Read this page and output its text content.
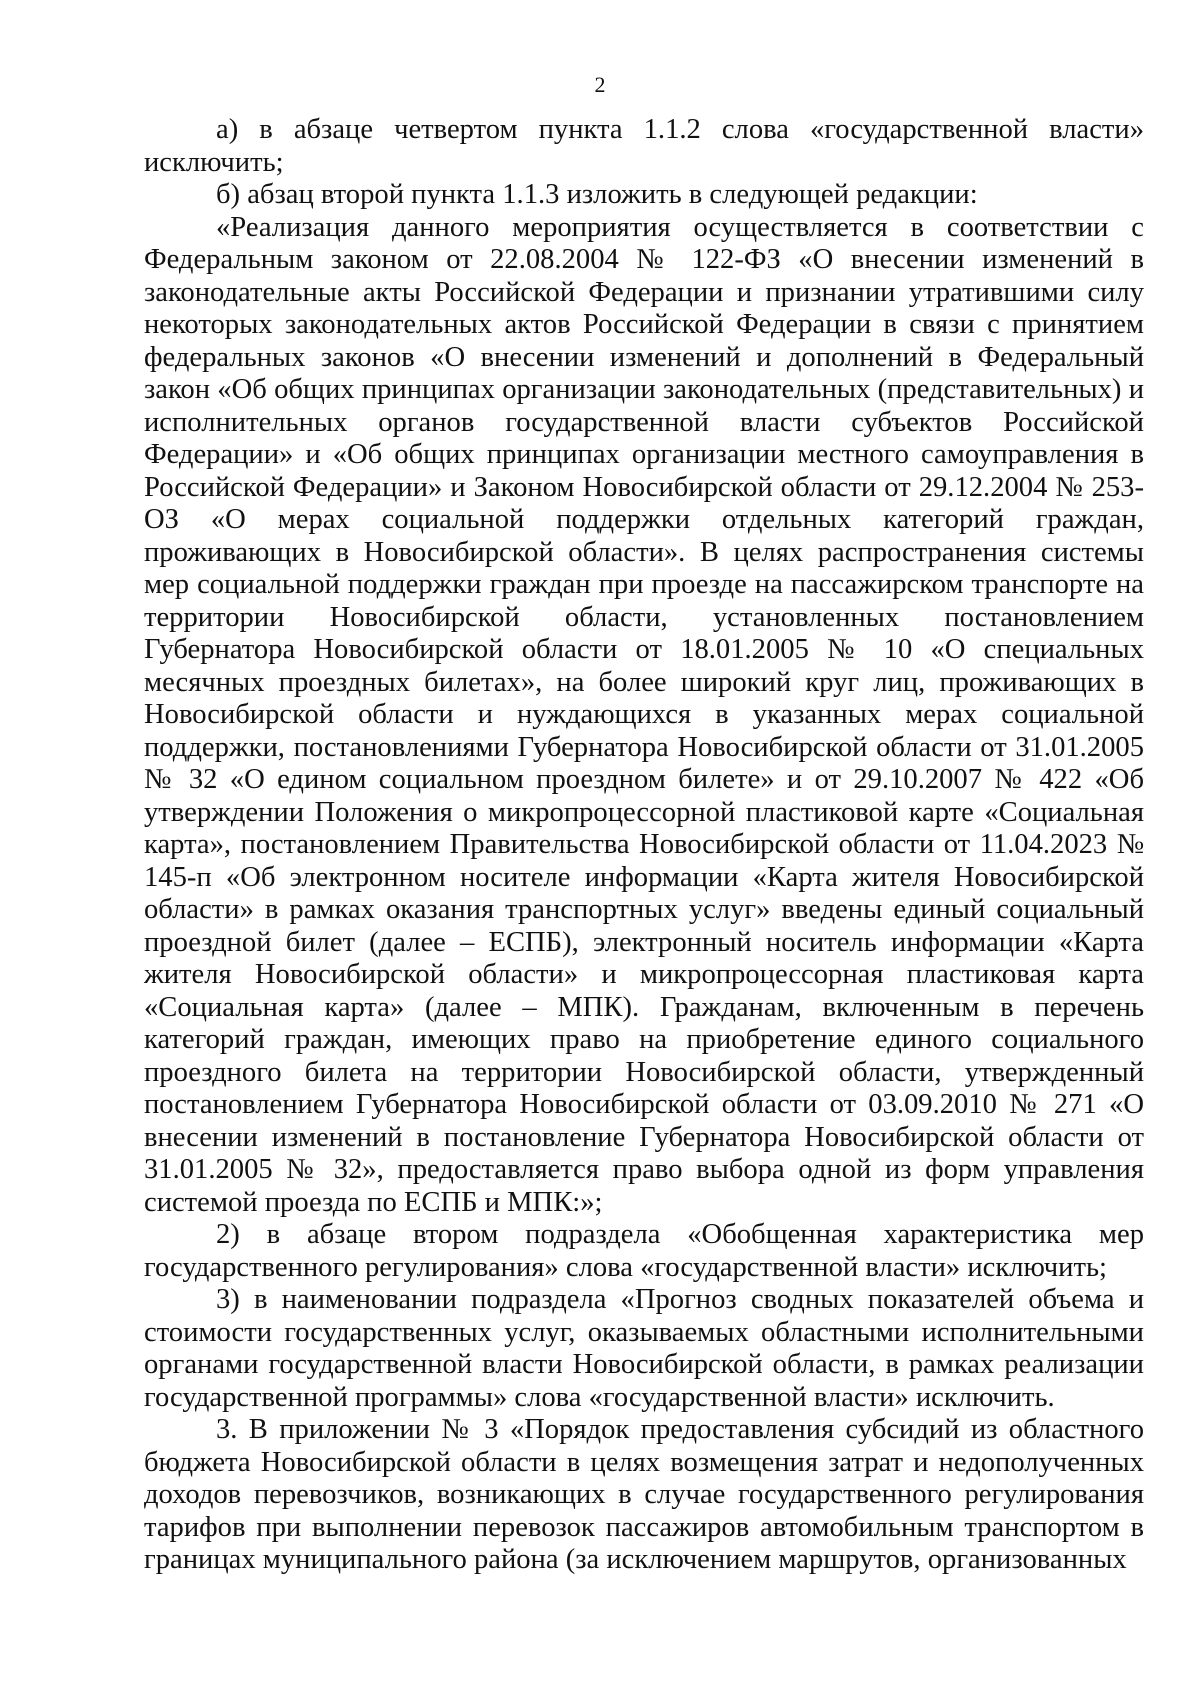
2

а) в абзаце четвертом пункта 1.1.2 слова «государственной власти» исключить;

б) абзац второй пункта 1.1.3 изложить в следующей редакции:

«Реализация данного мероприятия осуществляется в соответствии с Федеральным законом от 22.08.2004 № 122-ФЗ «О внесении изменений в законодательные акты Российской Федерации и признании утратившими силу некоторых законодательных актов Российской Федерации в связи с принятием федеральных законов «О внесении изменений и дополнений в Федеральный закон «Об общих принципах организации законодательных (представительных) и исполнительных органов государственной власти субъектов Российской Федерации» и «Об общих принципах организации местного самоуправления в Российской Федерации» и Законом Новосибирской области от 29.12.2004 № 253-ОЗ «О мерах социальной поддержки отдельных категорий граждан, проживающих в Новосибирской области». В целях распространения системы мер социальной поддержки граждан при проезде на пассажирском транспорте на территории Новосибирской области, установленных постановлением Губернатора Новосибирской области от 18.01.2005 № 10 «О специальных месячных проездных билетах», на более широкий круг лиц, проживающих в Новосибирской области и нуждающихся в указанных мерах социальной поддержки, постановлениями Губернатора Новосибирской области от 31.01.2005 № 32 «О едином социальном проездном билете» и от 29.10.2007 № 422 «Об утверждении Положения о микропроцессорной пластиковой карте «Социальная карта», постановлением Правительства Новосибирской области от 11.04.2023 № 145-п «Об электронном носителе информации «Карта жителя Новосибирской области» в рамках оказания транспортных услуг» введены единый социальный проездной билет (далее – ЕСПБ), электронный носитель информации «Карта жителя Новосибирской области» и микропроцессорная пластиковая карта «Социальная карта» (далее – МПК). Гражданам, включенным в перечень категорий граждан, имеющих право на приобретение единого социального проездного билета на территории Новосибирской области, утвержденный постановлением Губернатора Новосибирской области от 03.09.2010 № 271 «О внесении изменений в постановление Губернатора Новосибирской области от 31.01.2005 № 32», предоставляется право выбора одной из форм управления системой проезда по ЕСПБ и МПК:»;

2) в абзаце втором подраздела «Обобщенная характеристика мер государственного регулирования» слова «государственной власти» исключить;

3) в наименовании подраздела «Прогноз сводных показателей объема и стоимости государственных услуг, оказываемых областными исполнительными органами государственной власти Новосибирской области, в рамках реализации государственной программы» слова «государственной власти» исключить.

3. В приложении № 3 «Порядок предоставления субсидий из областного бюджета Новосибирской области в целях возмещения затрат и недополученных доходов перевозчиков, возникающих в случае государственного регулирования тарифов при выполнении перевозок пассажиров автомобильным транспортом в границах муниципального района (за исключением маршрутов, организованных
